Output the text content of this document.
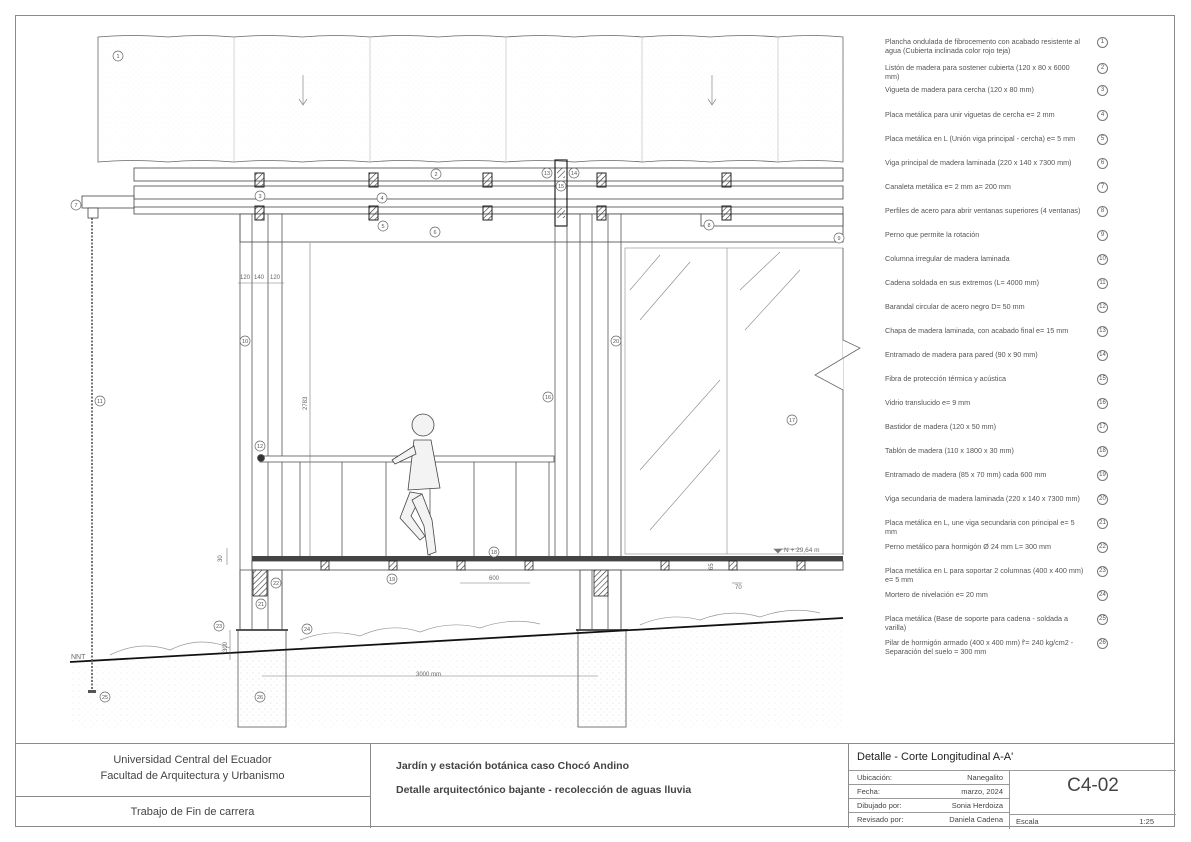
120 140 120
2783
30
600
65
70
300
3000 mm
N + 29,64 m
NNT
1
2
3	4
5
6
7
8
9
10
11
12
13	14
15
16
17
18
19
20
21
22
23	24
25	26
Plancha ondulada de fibrocemento con acabado resistente al agua (Cubierta inclinada color rojo teja)
1
Listón de madera para sostener cubierta (120 x 80 x 6000 mm)
2
Vigueta de madera para cercha (120 x 80 mm)	3
Placa metálica para unir viguetas de cercha e= 2 mm	4
Placa metálica en L (Unión viga principal - cercha) e= 5 mm	5
Viga principal de madera laminada (220 x 140 x 7300 mm)	6
Canaleta metálica e= 2 mm a= 200 mm	7
Perfiles de acero para abrir ventanas superiores (4 ventanas)	8
Perno que permite la rotación	9
Columna irregular de madera laminada	10
Cadena soldada en sus extremos (L= 4000 mm)	11
Barandal circular de acero negro D= 50 mm	12
Chapa de madera laminada, con acabado final e= 15 mm	13
Entramado de madera para pared (90 x 90 mm)	14
Fibra de protección térmica y acústica	15
Vidrio translucido e= 9 mm	16
Bastidor de madera (120 x 50 mm)	17
Tablón de madera (110 x 1800 x 30 mm)	18
Entramado de madera (85 x 70 mm) cada 600 mm	19
Viga secundaria de madera laminada (220 x 140 x 7300 mm)	20
Placa metálica en L, une viga secundaria con principal e= 5 mm
21
Perno metálico para hormigón Ø 24 mm L= 300 mm	22
Placa metálica en L para soportar 2 columnas (400 x 400 mm) e= 5 mm
23
Mortero de nivelación e= 20 mm	24
Placa metálica (Base de soporte para cadena - soldada a varilla)
25
Pilar de hormigón armado (400 x 400 mm) f'= 240 kg/cm2 - Separación del suelo = 300 mm
26
Universidad Central del Ecuador
Facultad de Arquitectura y Urbanismo
Trabajo de Fin de carrera
Jardín y estación botánica caso Chocó Andino
Detalle arquitectónico bajante - recolección de aguas lluvia
Detalle - Corte Longitudinal A-A'
Ubicación:	Nanegalito
Fecha:	marzo, 2024
Dibujado por:	Sonia Herdoiza
Revisado por:	Daniela Cadena
C4-02
Escala	1:25
